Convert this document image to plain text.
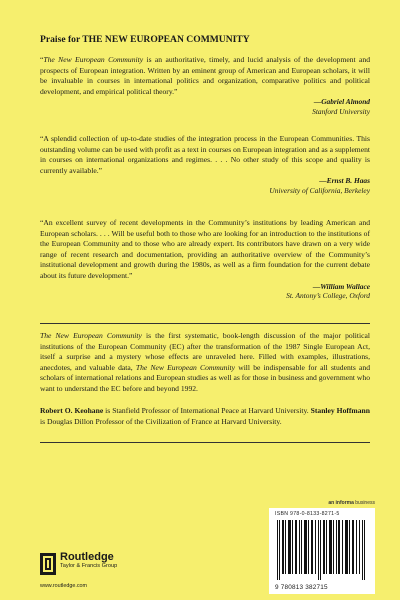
Praise for THE NEW EUROPEAN COMMUNITY

“The New European Community is an authoritative, timely, and lucid analysis of the development and prospects of European integration. Written by an eminent group of American and European scholars, it will be invaluable in courses in international politics and organization, comparative politics and political development, and empirical political theory.”

—Gabriel Almond
Stanford University

“A splendid collection of up-to-date studies of the integration process in the European Communities. This outstanding volume can be used with profit as a text in courses on European integration and as a supplement in courses on international organizations and regimes. . . . No other study of this scope and quality is currently available.”

—Ernst B. Haas
University of California, Berkeley

“An excellent survey of recent developments in the Community’s institutions by leading American and European scholars. . . . Will be useful both to those who are looking for an introduction to the institutions of the European Community and to those who are already expert. Its contributors have drawn on a very wide range of recent research and documentation, providing an authoritative overview of the Community’s institutional development and growth during the 1980s, as well as a firm foundation for the current debate about its future development.”

—William Wallace
St. Antony’s College, Oxford
The New European Community is the first systematic, book-length discussion of the major political institutions of the European Community (EC) after the transformation of the 1987 Single European Act, itself a surprise and a mystery whose effects are unraveled here. Filled with examples, illustrations, anecdotes, and valuable data, The New European Community will be indispensable for all students and scholars of international relations and European studies as well as for those in business and government who want to understand the EC before and beyond 1992.
Robert O. Keohane is Stanfield Professor of International Peace at Harvard University. Stanley Hoffmann is Douglas Dillon Professor of the Civilization of France at Harvard University.
Routledge
Taylor & Francis Group
www.routledge.com
an informa business
ISBN 978-0-8133-8271-5
9 780813 382715
